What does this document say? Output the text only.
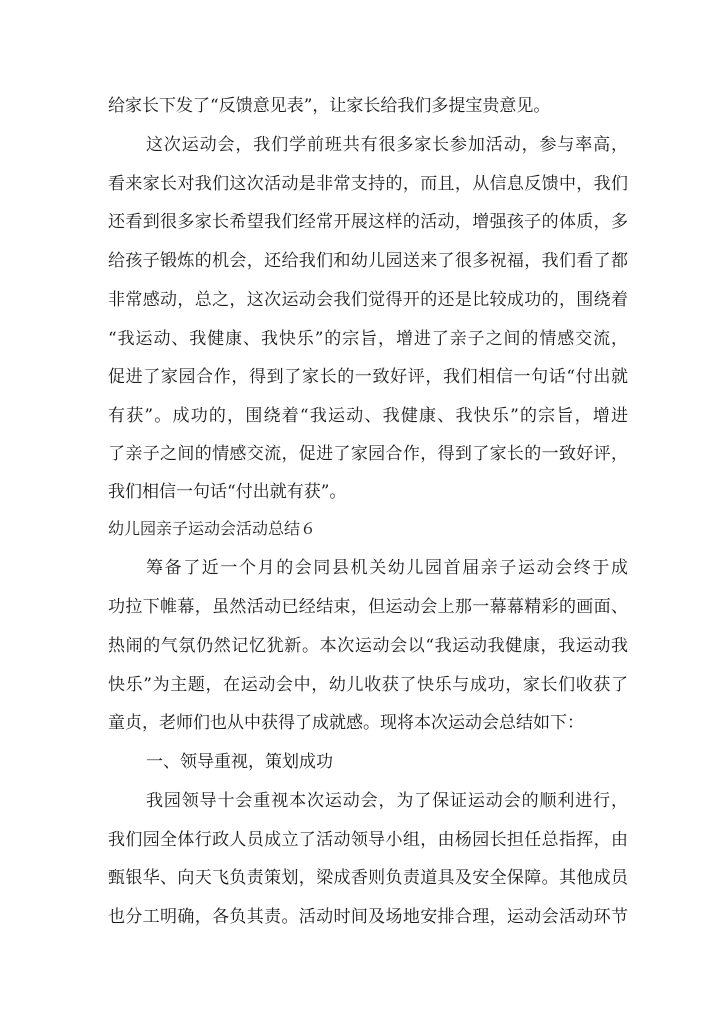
给家长下发了“反馈意见表”，让家长给我们多提宝贵意见。
这次运动会，我们学前班共有很多家长参加活动，参与率高，
看来家长对我们这次活动是非常支持的，而且，从信息反馈中，我们
还看到很多家长希望我们经常开展这样的活动，增强孩子的体质，多
给孩子锻炼的机会，还给我们和幼儿园送来了很多祝福，我们看了都
非常感动，总之，这次运动会我们觉得开的还是比较成功的，围绕着
“我运动、我健康、我快乐”的宗旨，增进了亲子之间的情感交流，
促进了家园合作，得到了家长的一致好评，我们相信一句话“付出就
有获”。成功的，围绕着“我运动、我健康、我快乐”的宗旨，增进
了亲子之间的情感交流，促进了家园合作，得到了家长的一致好评，
我们相信一句话“付出就有获”。
幼儿园亲子运动会活动总结６
筹备了近一个月的会同县机关幼儿园首届亲子运动会终于成
功拉下帷幕，虽然活动已经结束，但运动会上那一幕幕精彩的画面、
热闹的气氛仍然记忆犹新。本次运动会以“我运动我健康，我运动我
快乐”为主题，在运动会中，幼儿收获了快乐与成功，家长们收获了
童贞，老师们也从中获得了成就感。现将本次运动会总结如下：
一、领导重视，策划成功
我园领导十会重视本次运动会，为了保证运动会的顺利进行，
我们园全体行政人员成立了活动领导小组，由杨园长担任总指挥，由
甄银华、向天飞负责策划，梁成香则负责道具及安全保障。其他成员
也分工明确，各负其责。活动时间及场地安排合理，运动会活动环节
